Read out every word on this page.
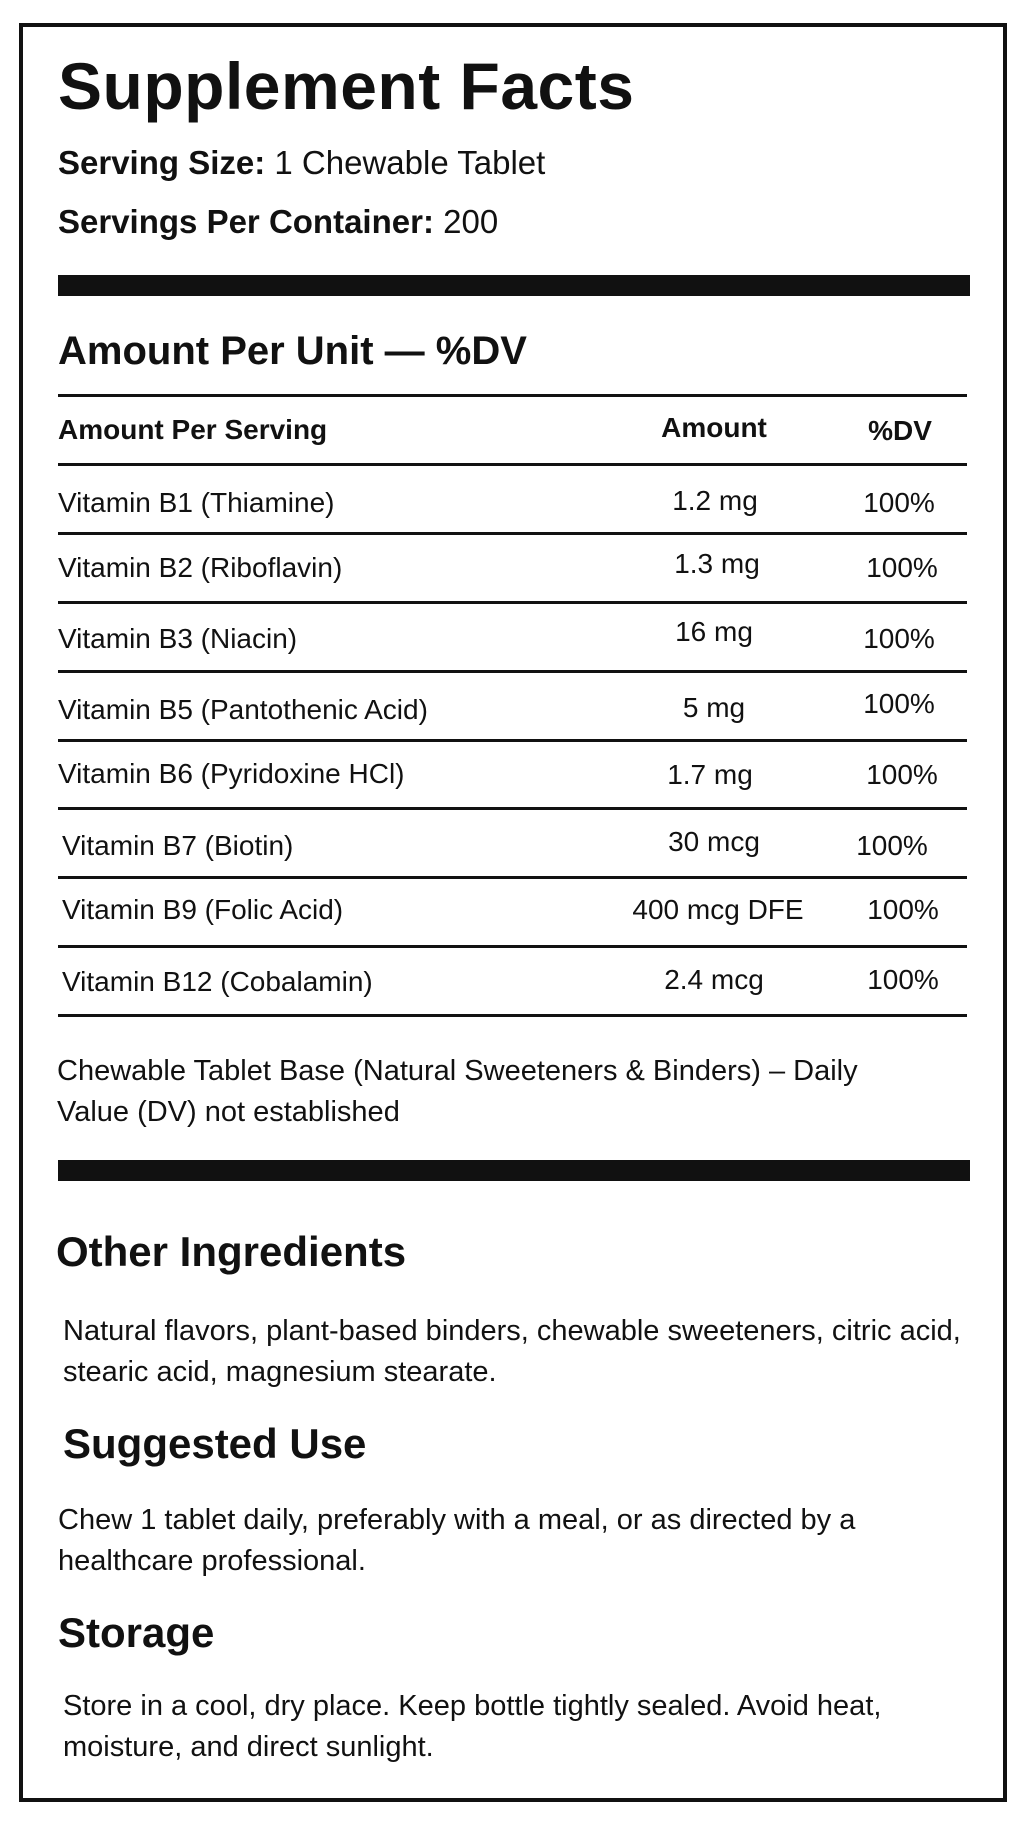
Supplement Facts
Serving Size: 1 Chewable Tablet
Servings Per Container: 200
Amount Per Unit — %DV
Amount Per Serving	Amount	%DV
Vitamin B1 (Thiamine)	1.2 mg	100%
Vitamin B2 (Riboflavin)	1.3 mg	100%
Vitamin B3 (Niacin)	16 mg	100%
Vitamin B5 (Pantothenic Acid)	5 mg	100%
Vitamin B6 (Pyridoxine HCl)	1.7 mg	100%
Vitamin B7 (Biotin)	30 mcg	100%
Vitamin B9 (Folic Acid)	400 mcg DFE 100%
Vitamin B12 (Cobalamin)	2.4 mcg	100%
Chewable Tablet Base (Natural Sweeteners & Binders) – Daily Value (DV) not established
Other Ingredients
Natural flavors, plant-based binders, chewable sweeteners, citric acid, stearic acid, magnesium stearate.
Suggested Use
Chew 1 tablet daily, preferably with a meal, or as directed by a healthcare professional.
Storage
Store in a cool, dry place. Keep bottle tightly sealed. Avoid heat, moisture, and direct sunlight.
